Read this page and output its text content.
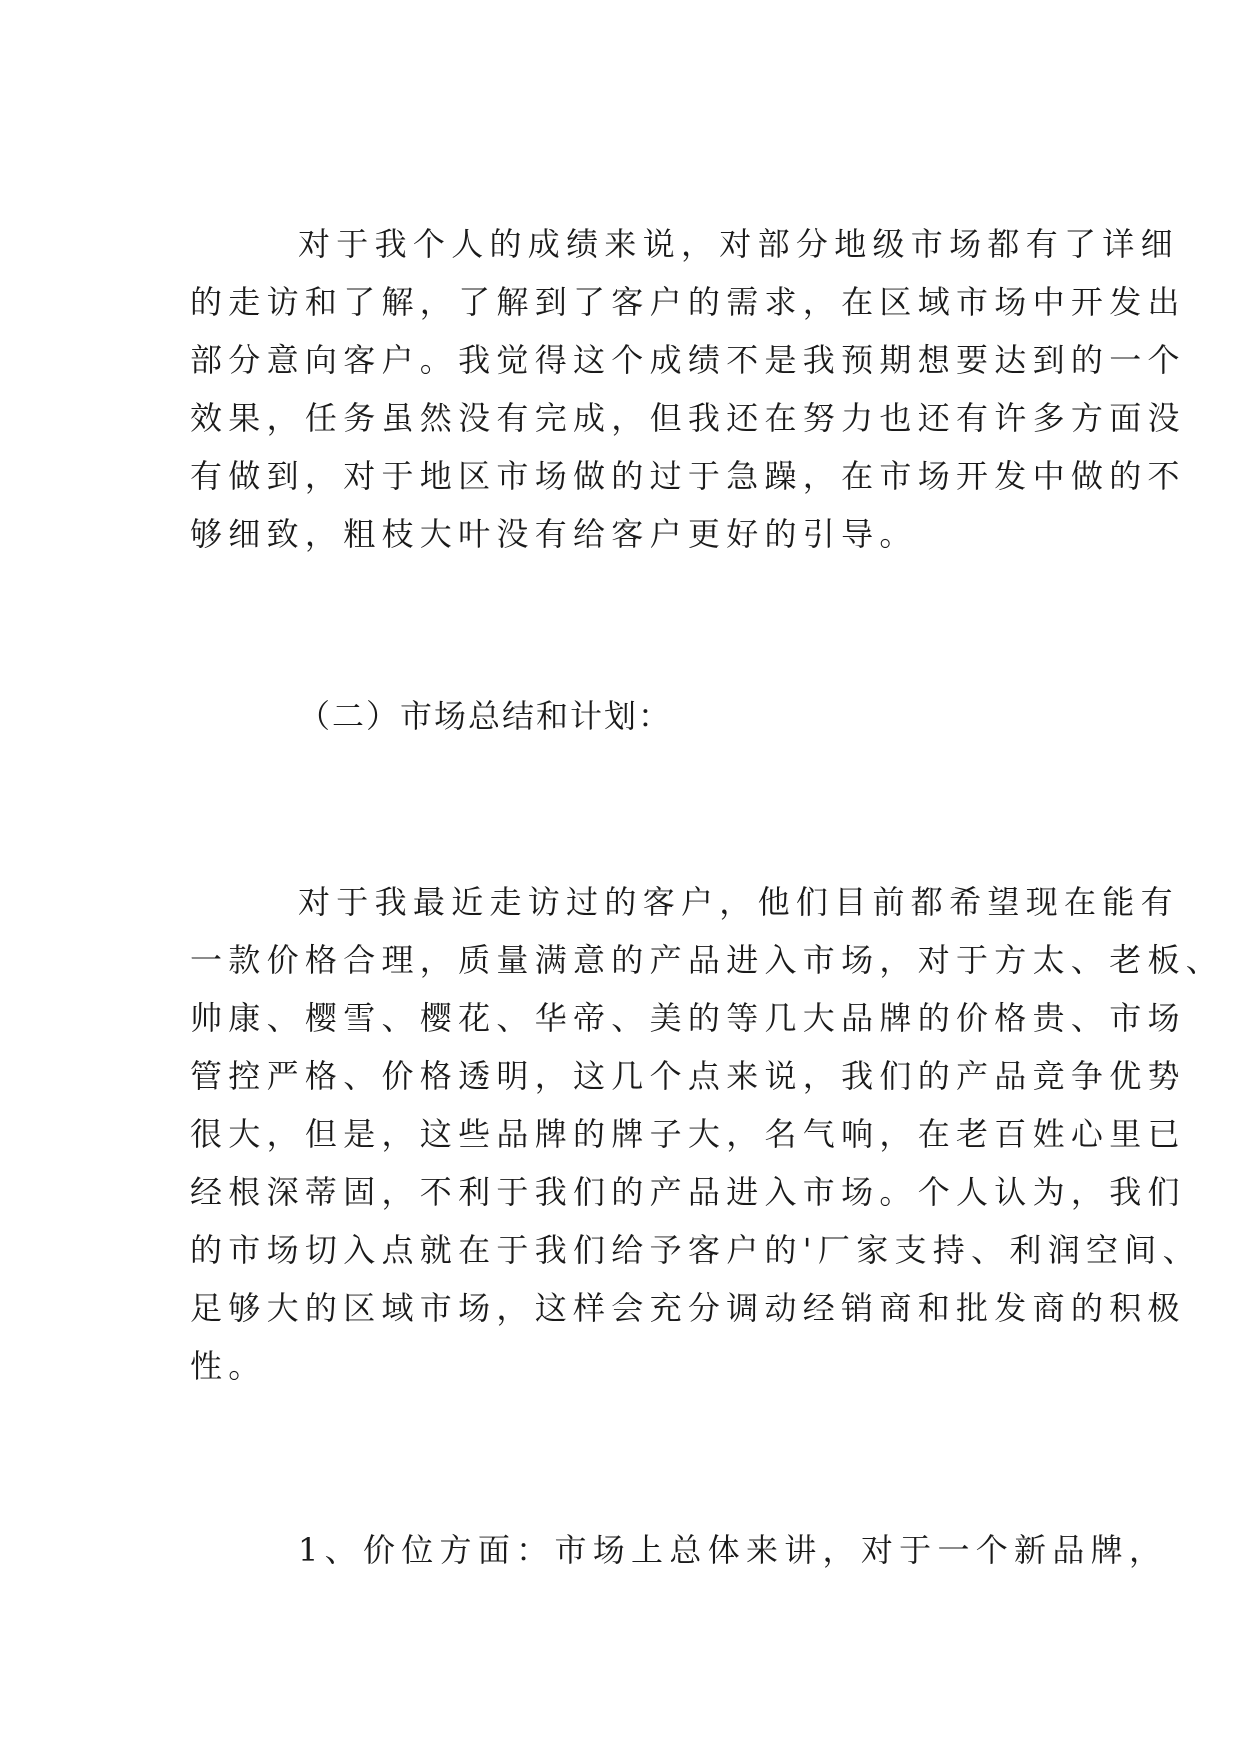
对于我个人的成绩来说，对部分地级市场都有了详细
的走访和了解，了解到了客户的需求，在区域市场中开发出
部分意向客户。我觉得这个成绩不是我预期想要达到的一个
效果，任务虽然没有完成，但我还在努力也还有许多方面没
有做到，对于地区市场做的过于急躁，在市场开发中做的不
够细致，粗枝大叶没有给客户更好的引导。
（二）市场总结和计划：
对于我最近走访过的客户，他们目前都希望现在能有
一款价格合理，质量满意的产品进入市场，对于方太、老板、
帅康、樱雪、樱花、华帝、美的等几大品牌的价格贵、市场
管控严格、价格透明，这几个点来说，我们的产品竞争优势
很大，但是，这些品牌的牌子大，名气响，在老百姓心里已
经根深蒂固，不利于我们的产品进入市场。个人认为，我们
的市场切入点就在于我们给予客户的'厂家支持、利润空间、
足够大的区域市场，这样会充分调动经销商和批发商的积极
性。
1、价位方面：市场上总体来讲，对于一个新品牌，
